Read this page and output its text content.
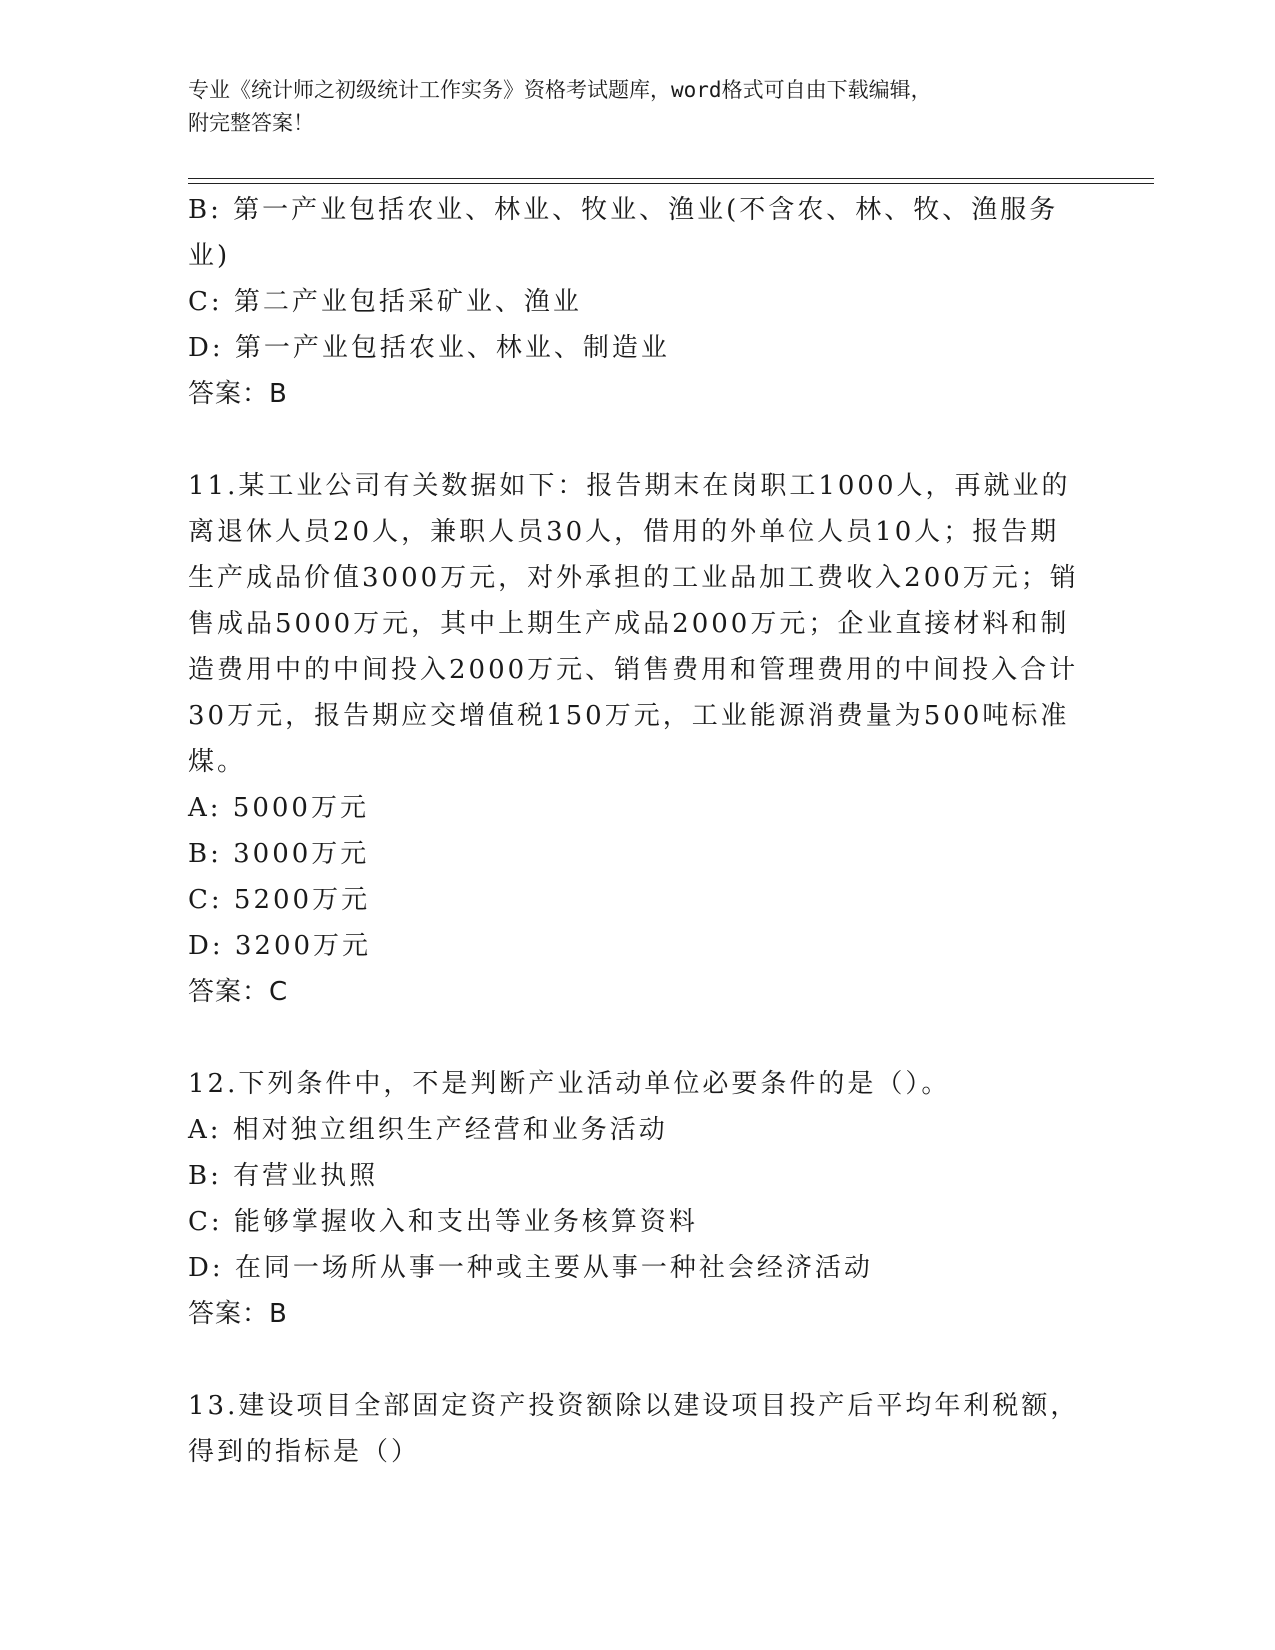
专业《统计师之初级统计工作实务》资格考试题库，word格式可自由下载编辑，
附完整答案！
B: 第一产业包括农业、林业、牧业、渔业(不含农、林、牧、渔服务
业)
C: 第二产业包括采矿业、渔业
D: 第一产业包括农业、林业、制造业
答案：B
11.某工业公司有关数据如下：报告期末在岗职工1000人，再就业的
离退休人员20人，兼职人员30人，借用的外单位人员10人；报告期
生产成品价值3000万元，对外承担的工业品加工费收入200万元；销
售成品5000万元，其中上期生产成品2000万元；企业直接材料和制
造费用中的中间投入2000万元、销售费用和管理费用的中间投入合计
30万元，报告期应交增值税150万元，工业能源消费量为500吨标准
煤。
A: 5000万元
B: 3000万元
C: 5200万元
D: 3200万元
答案：C
12.下列条件中，不是判断产业活动单位必要条件的是（）。
A: 相对独立组织生产经营和业务活动
B: 有营业执照
C: 能够掌握收入和支出等业务核算资料
D: 在同一场所从事一种或主要从事一种社会经济活动
答案：B
13.建设项目全部固定资产投资额除以建设项目投产后平均年利税额，
得到的指标是（）
